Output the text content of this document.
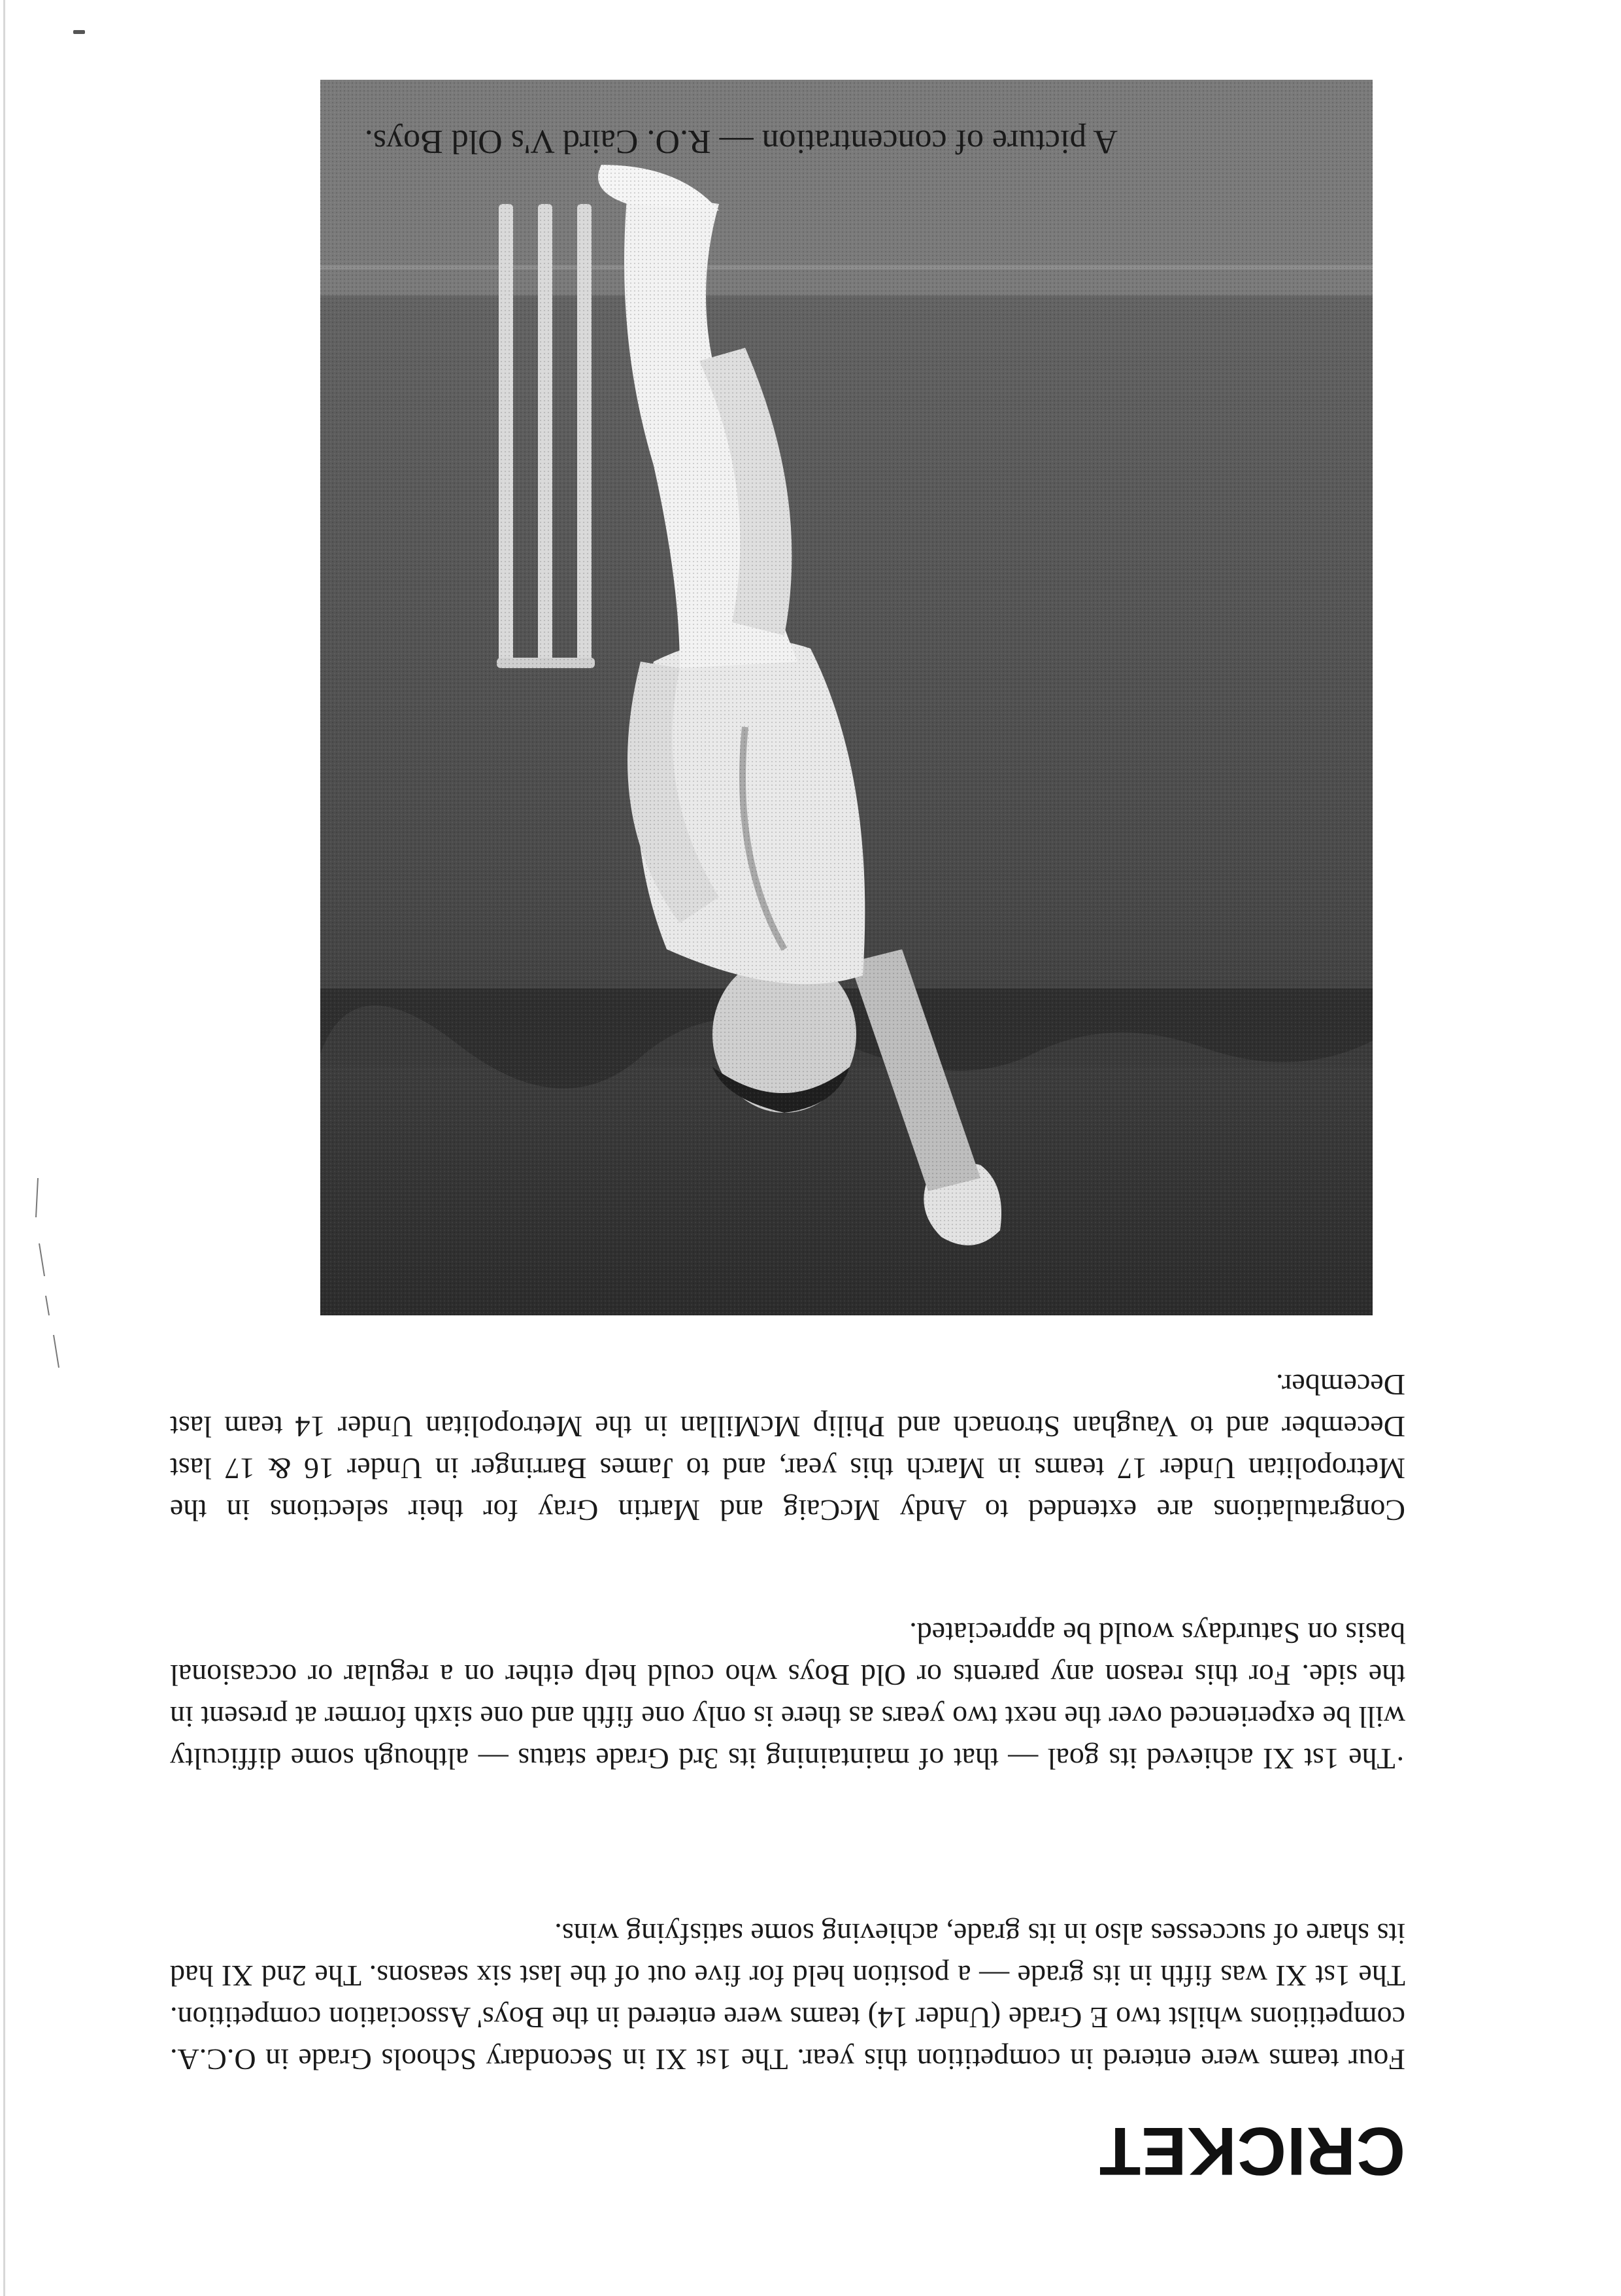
CRICKET

Four teams were entered in competition this year. The 1st XI in Secondary Schools Grade in O.C.A. competitions whilst two E Grade (Under 14) teams were entered in the Boys' Association competition. The 1st XI was fifth in its grade — a position held for five out of the last six seasons. The 2nd XI had its share of successes also in its grade, achieving some satisfying wins.

·The 1st XI achieved its goal — that of maintaining its 3rd Grade status — although some difficulty will be experienced over the next two years as there is only one fifth and one sixth former at present in the side. For this reason any parents or Old Boys who could help either on a regular or occasional basis on Saturdays would be appreciated.

Congratulations are extended to Andy McCaig and Martin Gray for their selections in the Metropolitan Under 17 teams in March this year, and to James Barringer in Under 16 & 17 last December and to Vaughan Stronach and Philip McMillan in the Metropolitan Under 14 team last December.

A picture of concentration — R.O. Caird V's Old Boys.
